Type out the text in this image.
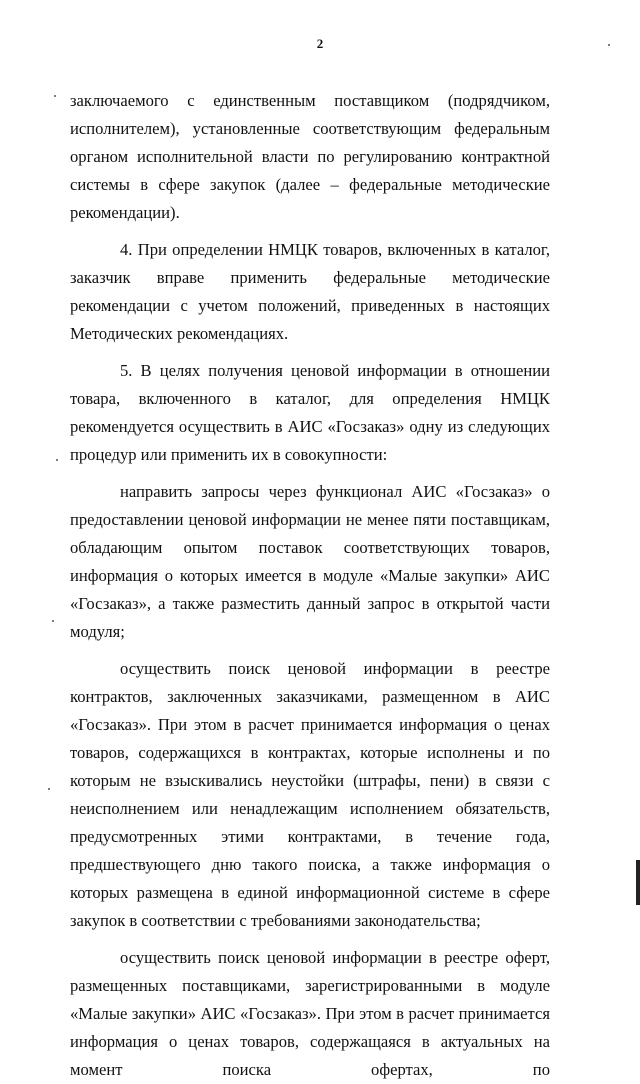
2

заключаемого с единственным поставщиком (подрядчиком, исполнителем), установленные соответствующим федеральным органом исполнительной власти по регулированию контрактной системы в сфере закупок (далее – федеральные методические рекомендации).

4. При определении НМЦК товаров, включенных в каталог, заказчик вправе применить федеральные методические рекомендации с учетом положений, приведенных в настоящих Методических рекомендациях.

5. В целях получения ценовой информации в отношении товара, включенного в каталог, для определения НМЦК рекомендуется осуществить в АИС «Госзаказ» одну из следующих процедур или применить их в совокупности:

направить запросы через функционал АИС «Госзаказ» о предоставлении ценовой информации не менее пяти поставщикам, обладающим опытом поставок соответствующих товаров, информация о которых имеется в модуле «Малые закупки» АИС «Госзаказ», а также разместить данный запрос в открытой части модуля;

осуществить поиск ценовой информации в реестре контрактов, заключенных заказчиками, размещенном в АИС «Госзаказ». При этом в расчет принимается информация о ценах товаров, содержащихся в контрактах, которые исполнены и по которым не взыскивались неустойки (штрафы, пени) в связи с неисполнением или ненадлежащим исполнением обязательств, предусмотренных этими контрактами, в течение года, предшествующего дню такого поиска, а также информация о которых размещена в единой информационной системе в сфере закупок в соответствии с требованиями законодательства;

осуществить поиск ценовой информации в реестре оферт, размещенных поставщиками, зарегистрированными в модуле «Малые закупки» АИС «Госзаказ». При этом в расчет принимается информация о ценах товаров, содержащаяся в актуальных на момент поиска офертах, по
